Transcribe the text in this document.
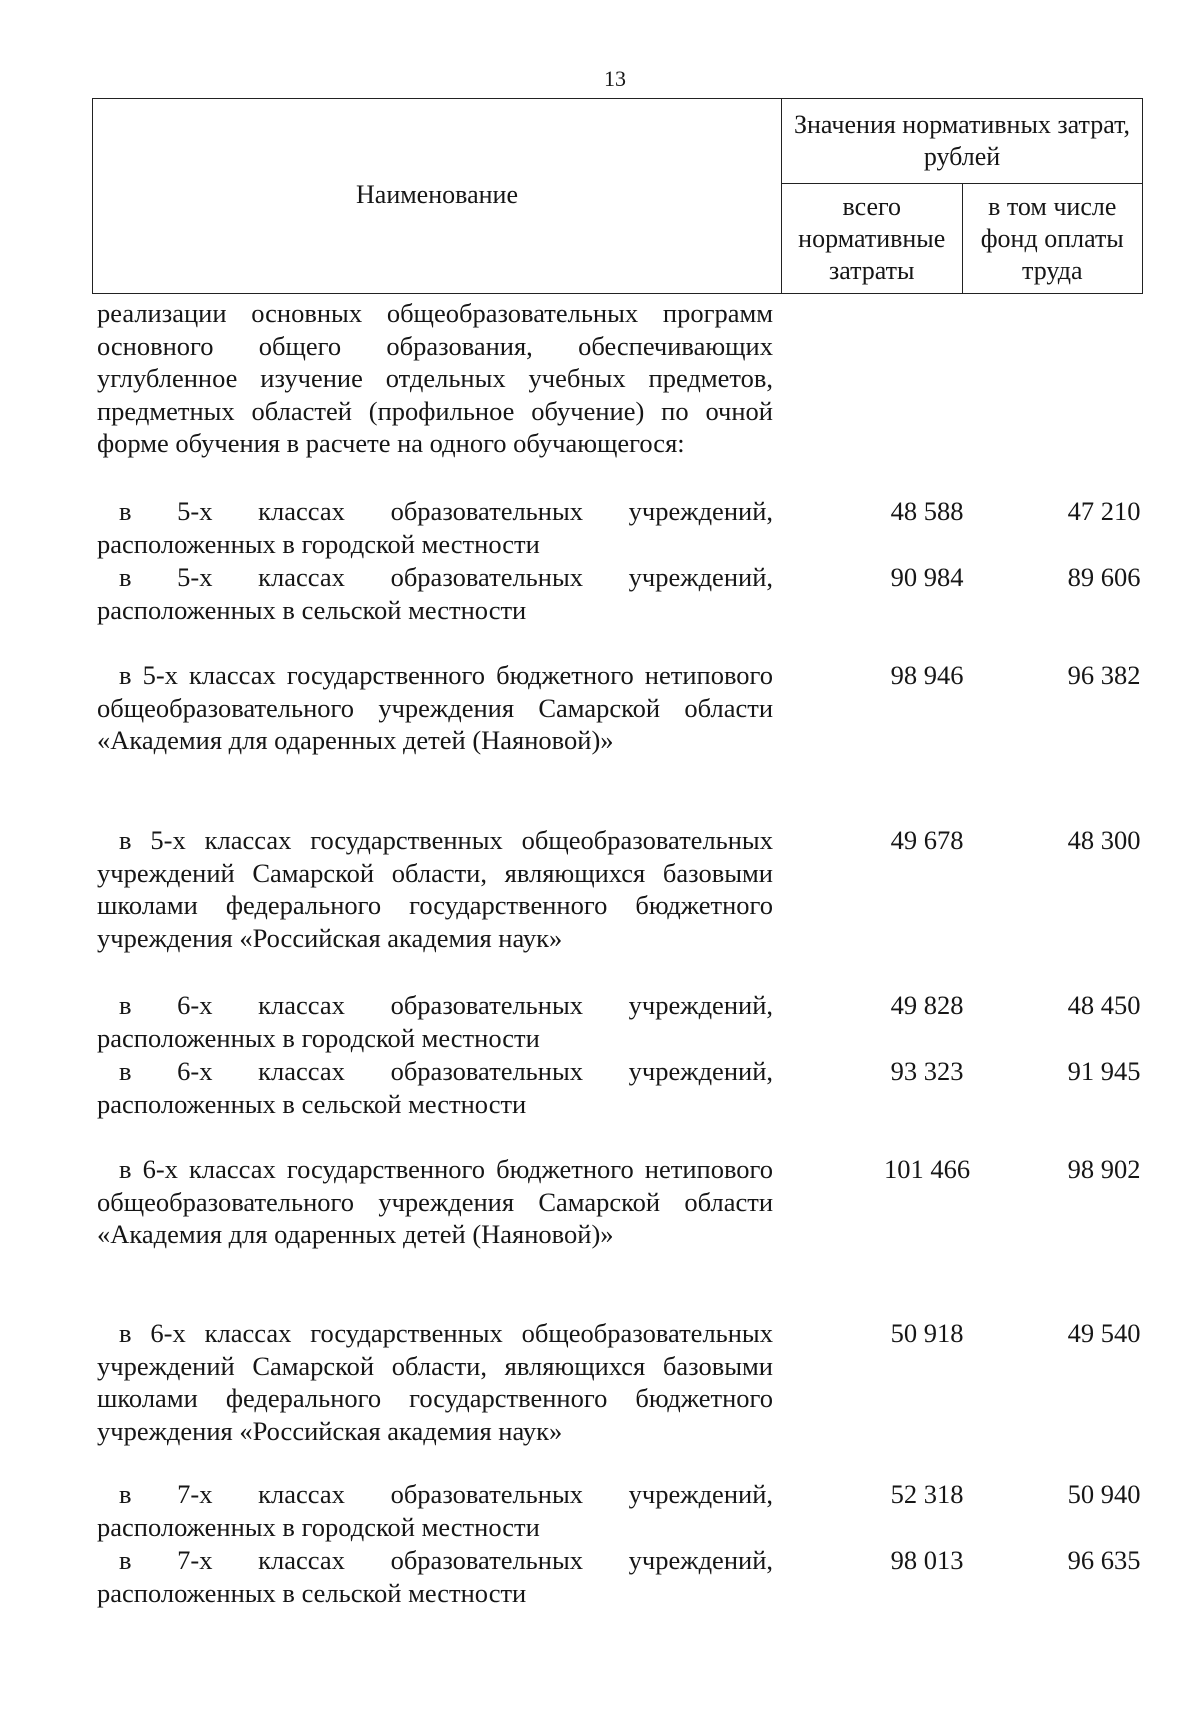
13
Наименование	Значения нормативных затрат, рублей	
	всего нормативные затраты	в том числе фонд оплаты труда
реализации основных общеобразовательных программ основного общего образования, обеспечивающих углубленное изучение отдельных учебных предметов, предметных областей (профильное обучение) по очной форме обучения в расчете на одного обучающегося:
в 5-х классах образовательных учреждений, расположенных в городской местности
48 588	47 210
в 5-х классах образовательных учреждений, расположенных в сельской местности
90 984	89 606
в 5-х классах государственного бюджетного нетипового общеобразовательного учреждения Самарской области «Академия для одаренных детей (Наяновой)»
98 946	96 382
в 5-х классах государственных общеобразовательных учреждений Самарской области, являющихся базовыми школами федерального государственного бюджетного учреждения «Российская академия наук»
49 678	48 300
в 6-х классах образовательных учреждений, расположенных в городской местности
49 828	48 450
в 6-х классах образовательных учреждений, расположенных в сельской местности
93 323	91 945
в 6-х классах государственного бюджетного нетипового общеобразовательного учреждения Самарской области «Академия для одаренных детей (Наяновой)»
101 466	98 902
в 6-х классах государственных общеобразовательных учреждений Самарской области, являющихся базовыми школами федерального государственного бюджетного учреждения «Российская академия наук»
50 918	49 540
в 7-х классах образовательных учреждений, расположенных в городской местности
52 318	50 940
в 7-х классах образовательных учреждений, расположенных в сельской местности
98 013	96 635
